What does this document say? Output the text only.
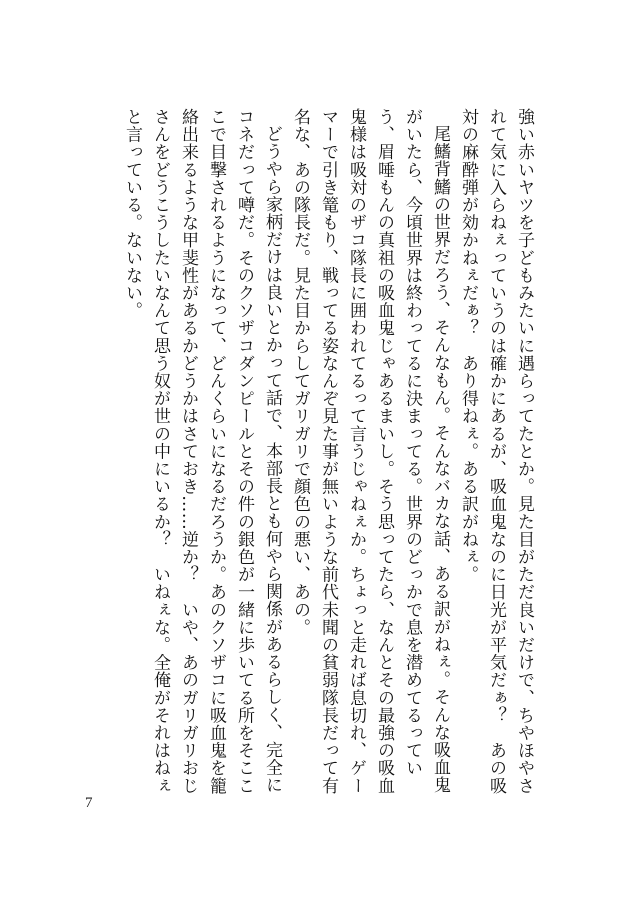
強い赤いヤツを子どもみたいに遇らってたとか。見た目がただ良いだけで、ちやほやされて気に入らねぇっていうのは確かにあるが、吸血鬼なのに日光が平気だぁ？　あの吸対の麻酔弾が効かねぇだぁ？　あり得ねぇ。ある訳がねぇ。

尾鰭背鰭の世界だろう、そんなもん。そんなバカな話、ある訳がねぇ。そんな吸血鬼がいたら、今頃世界は終わってるに決まってる。世界のどっかで息を潜めてるっていう、眉唾もんの真祖の吸血鬼じゃあるまいし。そう思ってたら、なんとその最強の吸血鬼様は吸対のザコ隊長に囲われてるって言うじゃねぇか。ちょっと走れば息切れ、ゲーマーで引き篭もり、戦ってる姿なんぞ見た事が無いような前代未聞の貧弱隊長だって有名な、あの隊長だ。見た目からしてガリガリで顔色の悪い、あの。

どうやら家柄だけは良いとかって話で、本部長とも何やら関係があるらしく、完全にコネだって噂だ。そのクソザコダンピールとその件の銀色が一緒に歩いてる所をそこここで目撃されるようになって、どんくらいになるだろうか。あのクソザコに吸血鬼を籠絡出来るような甲斐性があるかどうかはさておき……逆か？　いや、あのガリガリおじさんをどうこうしたいなんて思う奴が世の中にいるか？　いねぇな。全俺がそれはねぇと言っている。ないない。

7
